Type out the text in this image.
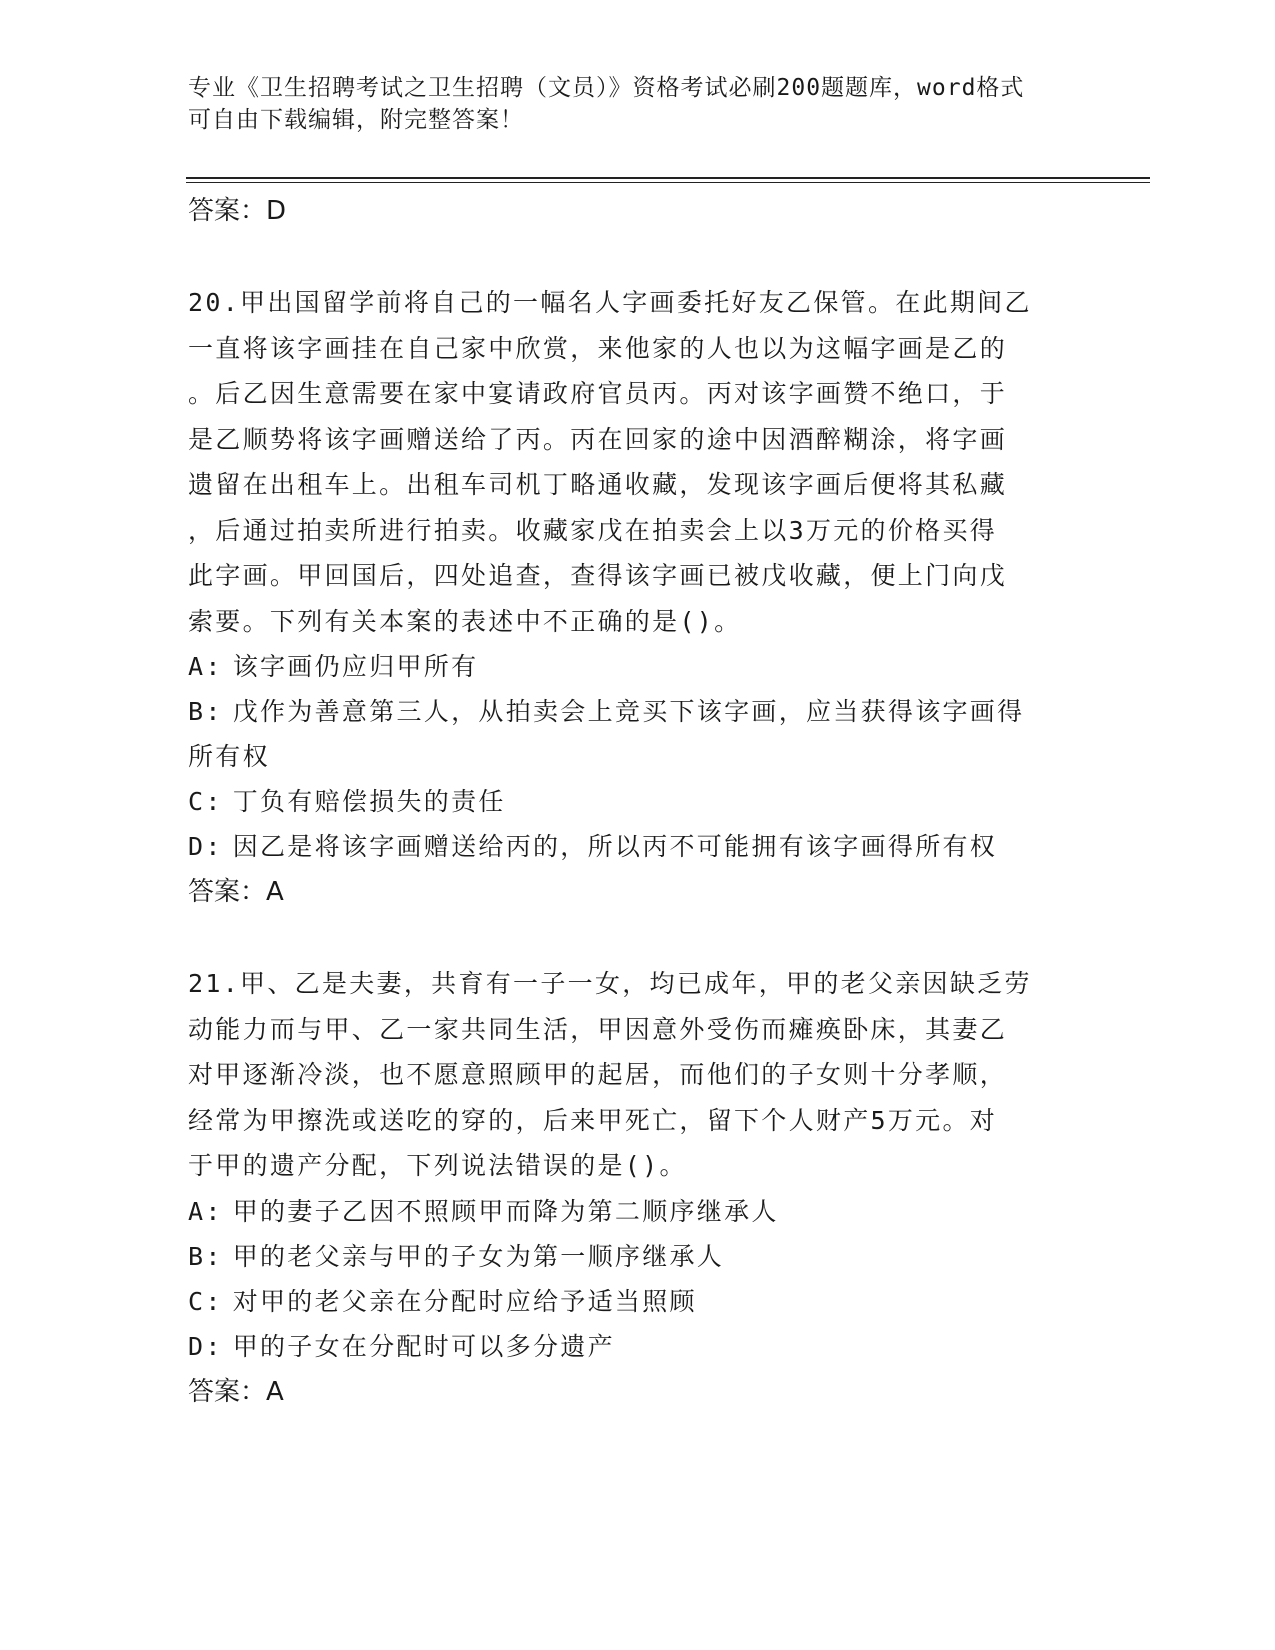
专业《卫生招聘考试之卫生招聘（文员）》资格考试必刷200题题库，word格式
可自由下载编辑，附完整答案！
答案：D
20.甲出国留学前将自己的一幅名人字画委托好友乙保管。在此期间乙
一直将该字画挂在自己家中欣赏，来他家的人也以为这幅字画是乙的
。后乙因生意需要在家中宴请政府官员丙。丙对该字画赞不绝口，于
是乙顺势将该字画赠送给了丙。丙在回家的途中因酒醉糊涂，将字画
遗留在出租车上。出租车司机丁略通收藏，发现该字画后便将其私藏
，后通过拍卖所进行拍卖。收藏家戊在拍卖会上以3万元的价格买得
此字画。甲回国后，四处追查，查得该字画已被戊收藏，便上门向戊
索要。下列有关本案的表述中不正确的是()。
A: 该字画仍应归甲所有
B: 戊作为善意第三人，从拍卖会上竞买下该字画，应当获得该字画得
所有权
C: 丁负有赔偿损失的责任
D: 因乙是将该字画赠送给丙的，所以丙不可能拥有该字画得所有权
答案：A
21.甲、乙是夫妻，共育有一子一女，均已成年，甲的老父亲因缺乏劳
动能力而与甲、乙一家共同生活，甲因意外受伤而瘫痪卧床，其妻乙
对甲逐渐冷淡，也不愿意照顾甲的起居，而他们的子女则十分孝顺，
经常为甲擦洗或送吃的穿的，后来甲死亡，留下个人财产5万元。对
于甲的遗产分配，下列说法错误的是()。
A: 甲的妻子乙因不照顾甲而降为第二顺序继承人
B: 甲的老父亲与甲的子女为第一顺序继承人
C: 对甲的老父亲在分配时应给予适当照顾
D: 甲的子女在分配时可以多分遗产
答案：A
